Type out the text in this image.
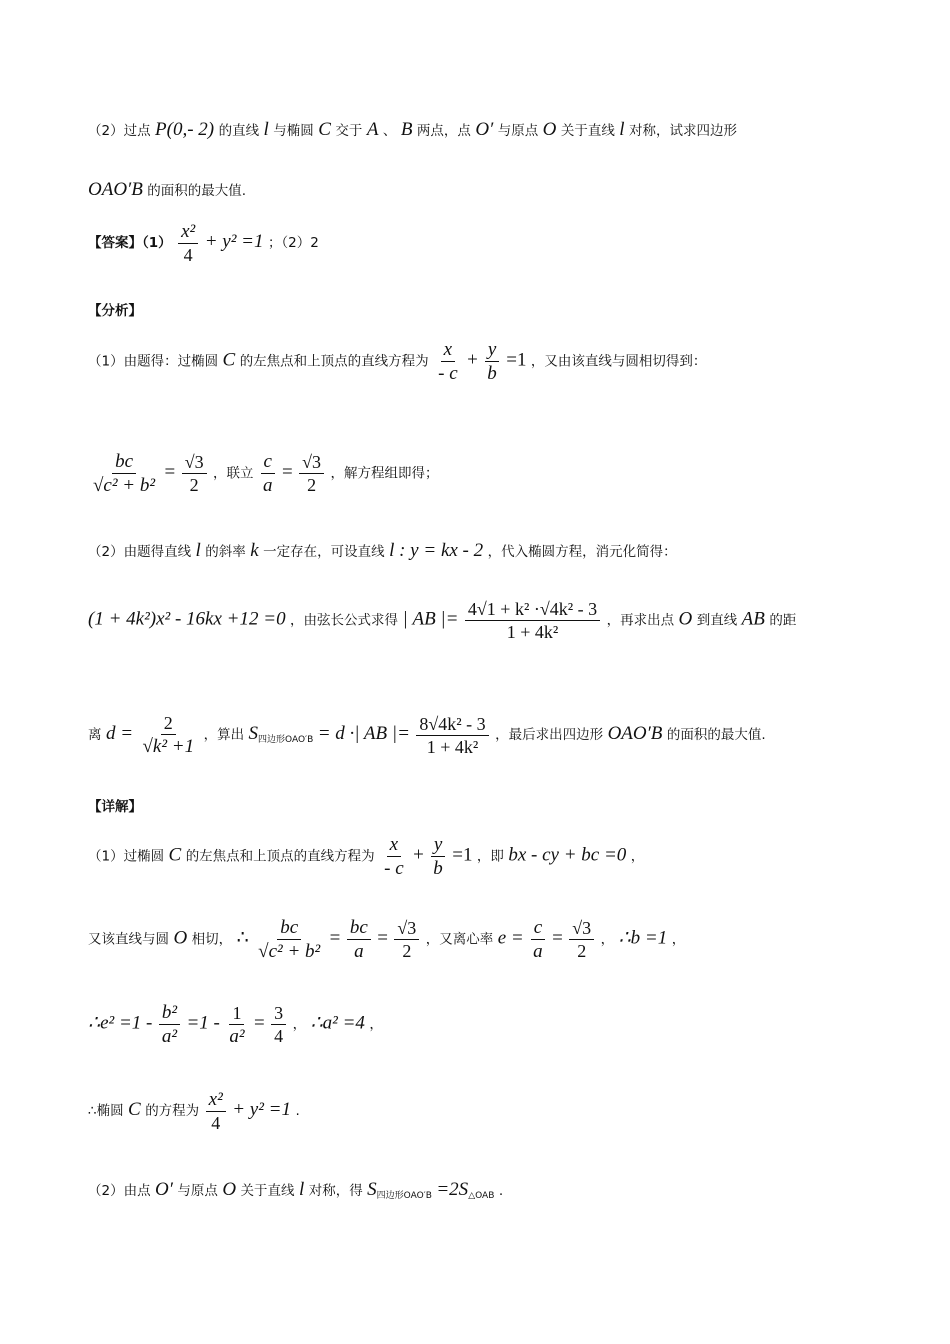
（2）过点 P(0,- 2) 的直线 l 与椭圆 C 交于 A 、 B 两点，点 O′ 与原点 O 关于直线 l 对称，试求四边形
OAO′B 的面积的最大值.
【答案】$(1) \frac{\text{x²}}{4} + y^2 =1$ ；（2）2
【分析】
（1）由题得：过椭圆 C 的左焦点和上顶点的直线方程为 $\frac{x}{- c} + \frac{y}{b} =1$ ，又由该直线与圆相切得到：
$\frac{bc}{\text{√c² + b²}} = \frac{√3}{2}$ ，联立 $\frac{c}{a} = \frac{√3}{2}$ ，解方程组即得；
（2）由题得直线 l 的斜率 k 一定存在，可设直线 l : y = kx - 2 ，代入椭圆方程，消元化简得：
(1 + 4k²)x² - 16kx +12 =0 ，由弦长公式求得 | AB |= $\frac{\text{4√1 + k² ·√4k² - 3}}{\text{1 + 4k²}}$ ，再求出点 O 到直线 AB 的距
离 $d = \frac{2}{\text{√k² +1}}$ ，算出 $S_{四边形OAO'B} = d$ ·| AB |= $\frac{\text{8√4k² - 3}}{\text{1 + 4k²}}$ ，最后求出四边形 OAO′B 的面积的最大值.
【详解】
（1）过椭圆 C 的左焦点和上顶点的直线方程为 $\frac{x}{- c} + \frac{y}{b} =1$ ，即 bx - cy + bc =0 ，
又该直线与圆 O 相切， ∴ $\frac{bc}{\text{√c² + b²}} = \frac{bc}{a} = \frac{√3}{2}$ ，又离心率 $e = \frac{c}{a} = \frac{√3}{2}$ ， ∴b =1 ，
∴e² $=1 - \frac{\text{b²}}{\text{a²}} =1 - \frac{1}{\text{a²}} = \frac{3}{4}$ ， ∴a² =4 ，
∴椭圆 C 的方程为 $\frac{\text{x²}}{4} + y^2 =1$ .
（2）由点 O′ 与原点 O 关于直线 l 对称，得 $S_{四边形OAO'B} =2S_{\triangle OAB}$ .
